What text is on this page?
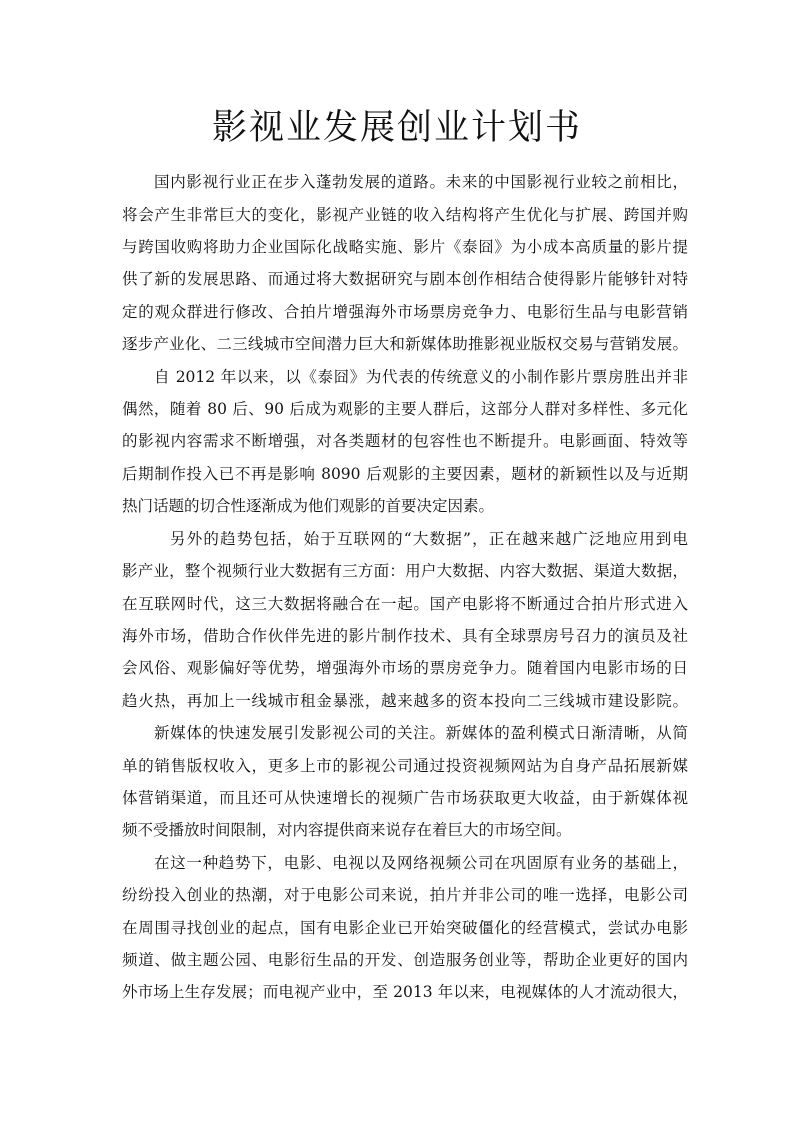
影视业发展创业计划书
国内影视行业正在步入蓬勃发展的道路。未来的中国影视行业较之前相比，
将会产生非常巨大的变化，影视产业链的收入结构将产生优化与扩展、跨国并购
与跨国收购将助力企业国际化战略实施、影片《泰囧》为小成本高质量的影片提
供了新的发展思路、而通过将大数据研究与剧本创作相结合使得影片能够针对特
定的观众群进行修改、合拍片增强海外市场票房竞争力、电影衍生品与电影营销
逐步产业化、二三线城市空间潜力巨大和新媒体助推影视业版权交易与营销发展。
自 2012 年以来，以《泰囧》为代表的传统意义的小制作影片票房胜出并非
偶然，随着 80 后、90 后成为观影的主要人群后，这部分人群对多样性、多元化
的影视内容需求不断增强，对各类题材的包容性也不断提升。电影画面、特效等
后期制作投入已不再是影响 8090 后观影的主要因素，题材的新颖性以及与近期
热门话题的切合性逐渐成为他们观影的首要决定因素。
另外的趋势包括，始于互联网的“大数据”，正在越来越广泛地应用到电
影产业，整个视频行业大数据有三方面：用户大数据、内容大数据、渠道大数据，
在互联网时代，这三大数据将融合在一起。国产电影将不断通过合拍片形式进入
海外市场，借助合作伙伴先进的影片制作技术、具有全球票房号召力的演员及社
会风俗、观影偏好等优势，增强海外市场的票房竞争力。随着国内电影市场的日
趋火热，再加上一线城市租金暴涨，越来越多的资本投向二三线城市建设影院。
新媒体的快速发展引发影视公司的关注。新媒体的盈利模式日渐清晰，从简
单的销售版权收入，更多上市的影视公司通过投资视频网站为自身产品拓展新媒
体营销渠道，而且还可从快速增长的视频广告市场获取更大收益，由于新媒体视
频不受播放时间限制，对内容提供商来说存在着巨大的市场空间。
在这一种趋势下，电影、电视以及网络视频公司在巩固原有业务的基础上，
纷纷投入创业的热潮，对于电影公司来说，拍片并非公司的唯一选择，电影公司
在周围寻找创业的起点，国有电影企业已开始突破僵化的经营模式，尝试办电影
频道、做主题公园、电影衍生品的开发、创造服务创业等，帮助企业更好的国内
外市场上生存发展；而电视产业中，至 2013 年以来，电视媒体的人才流动很大，
